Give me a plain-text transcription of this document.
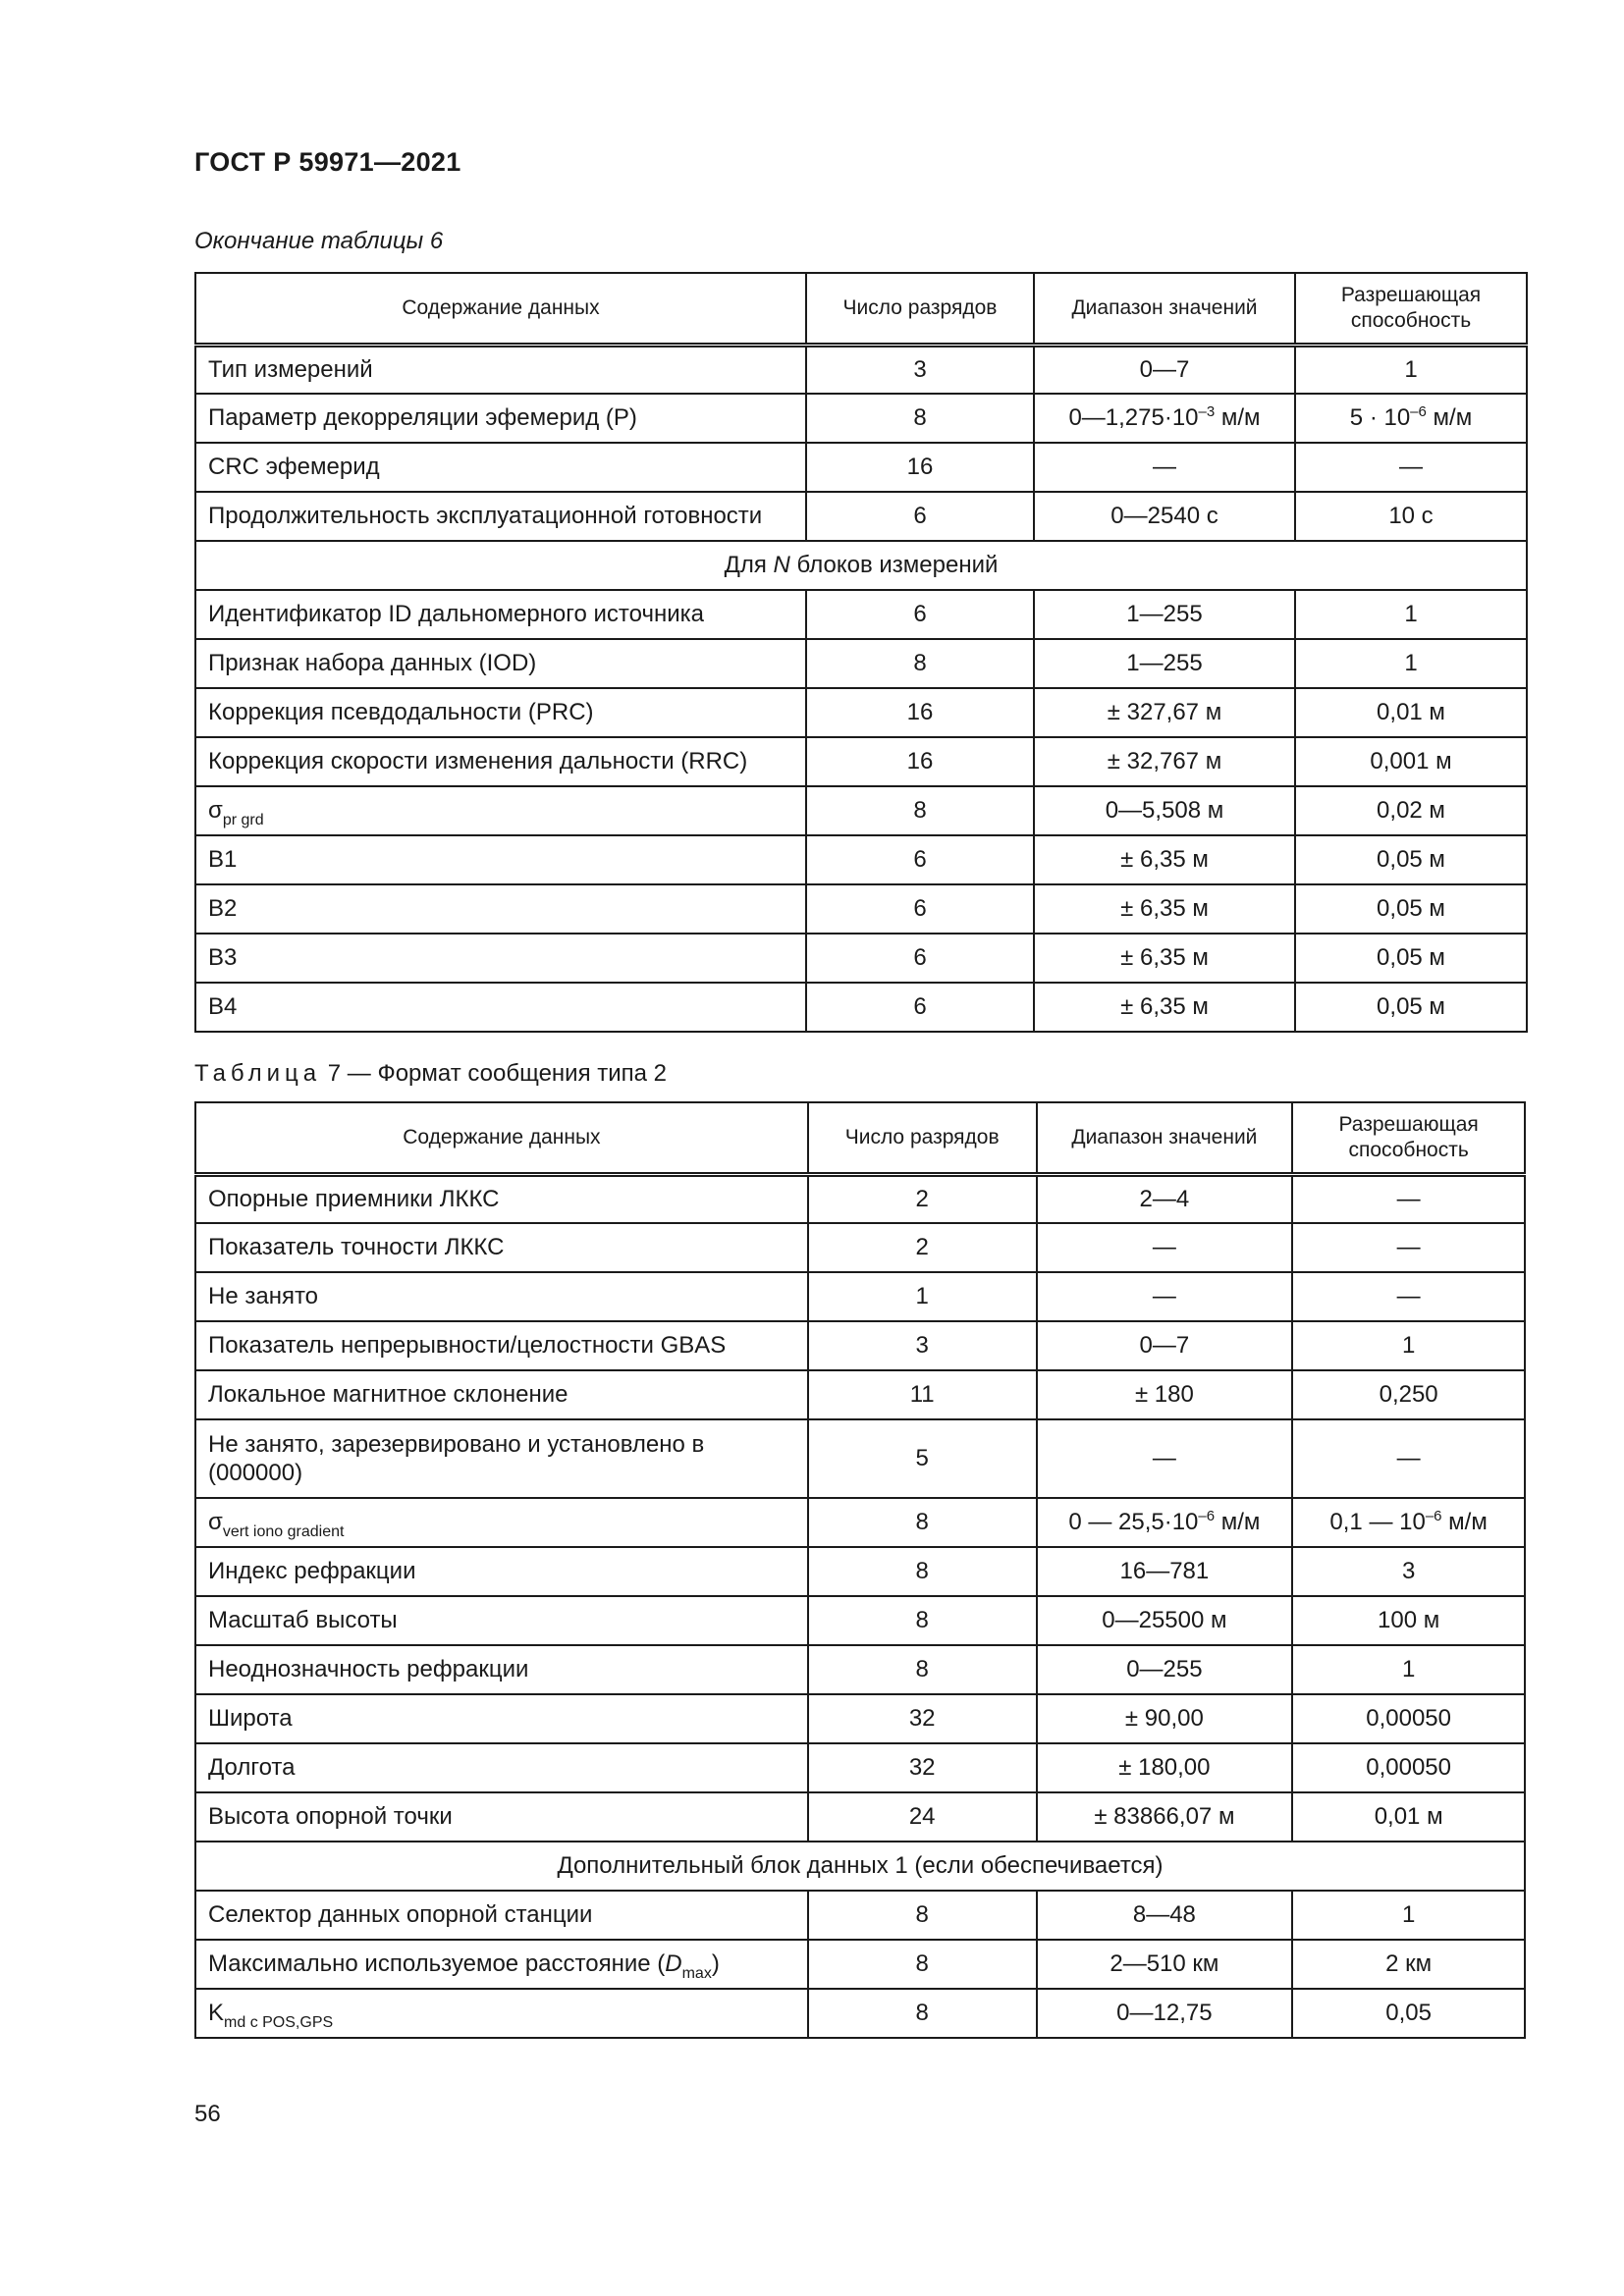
ГОСТ Р 59971—2021
Окончание таблицы 6
Содержание данных	Число разрядов	Диапазон значений	Разрешающая способность
Тип измерений	3	0—7	1
Параметр декорреляции эфемерид (P)	8	$0—1,275\cdot 10^{-3}$ м/м	$5 \cdot 10^{-6}$ м/м
CRC эфемерид	16	—	—
Продолжительность эксплуатационной готовности	6	0—2540 с	10 с
Для N блоков измерений			
Идентификатор ID дальномерного источника	6	1—255	1
Признак набора данных (IOD)	8	1—255	1
Коррекция псевдодальности (PRC)	16	± 327,67 м	0,01 м
Коррекция скорости изменения дальности (RRC)	16	± 32,767 м	0,001 м
$\sigma_{pr grd}$	8	0—5,508 м	0,02 м
B1	6	± 6,35 м	0,05 м
B2	6	± 6,35 м	0,05 м
B3	6	± 6,35 м	0,05 м
B4	6	± 6,35 м	0,05 м
Таблица 7 — Формат сообщения типа 2
Содержание данных	Число разрядов	Диапазон значений	Разрешающая способность
Опорные приемники ЛККС	2	2—4	—
Показатель точности ЛККС	2	—	—
Не занято	1	—	—
Показатель непрерывности/целостности GBAS	3	0—7	1
Локальное магнитное склонение	11	± 180	0,250
Не занято, зарезервировано и установлено в (000000)	5	—	—
$\sigma_{vert iono gradient}$	8	0 — $25,5\cdot 10^{-6}$ м/м	0,1 — $10^{-6}$ м/м
Индекс рефракции	8	16—781	3
Масштаб высоты	8	0—25500 м	100 м
Неоднозначность рефракции	8	0—255	1
Широта	32	± 90,00	0,00050
Долгота	32	± 180,00	0,00050
Высота опорной точки	24	± 83866,07 м	0,01 м
Дополнительный блок данных 1 (если обеспечивается)			
Селектор данных опорной станции	8	8—48	1
Максимально используемое расстояние $(D_{max})$	8	2—510 км	2 км
$K_{md c POS,GPS}$	8	0—12,75	0,05
56
